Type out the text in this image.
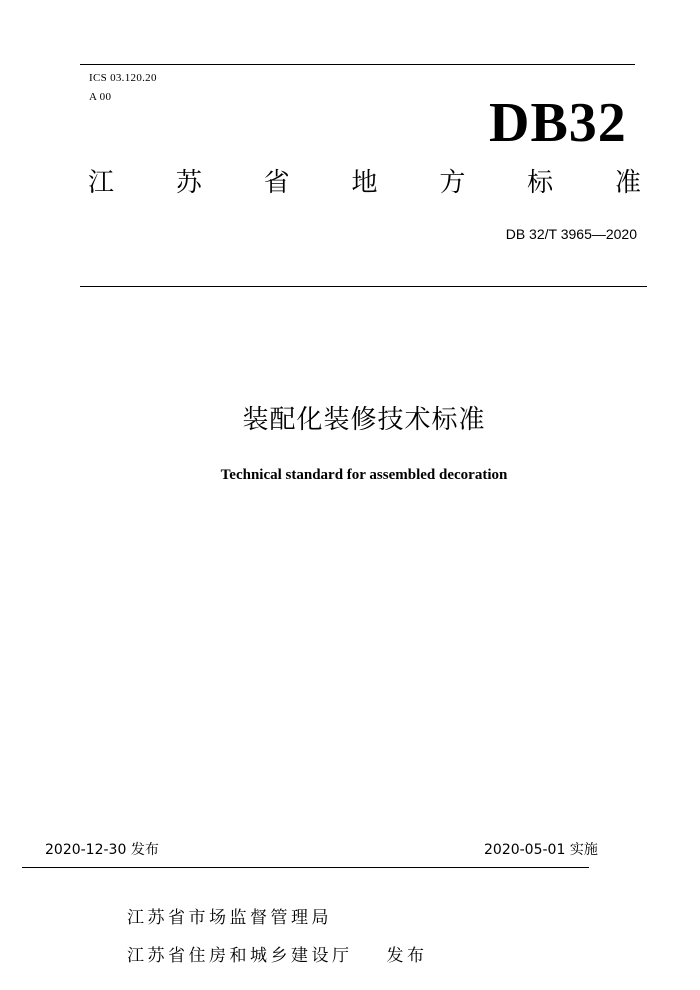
ICS 03.120.20
A 00	DB32
江 苏 省 地 方 标 准
DB 32/T 3965—2020
装配化装修技术标准
Technical standard for assembled decoration
2020-12-30 发布	2020-05-01 实施
江苏省市场监督管理局
江苏省住房和城乡建设厅 发布
